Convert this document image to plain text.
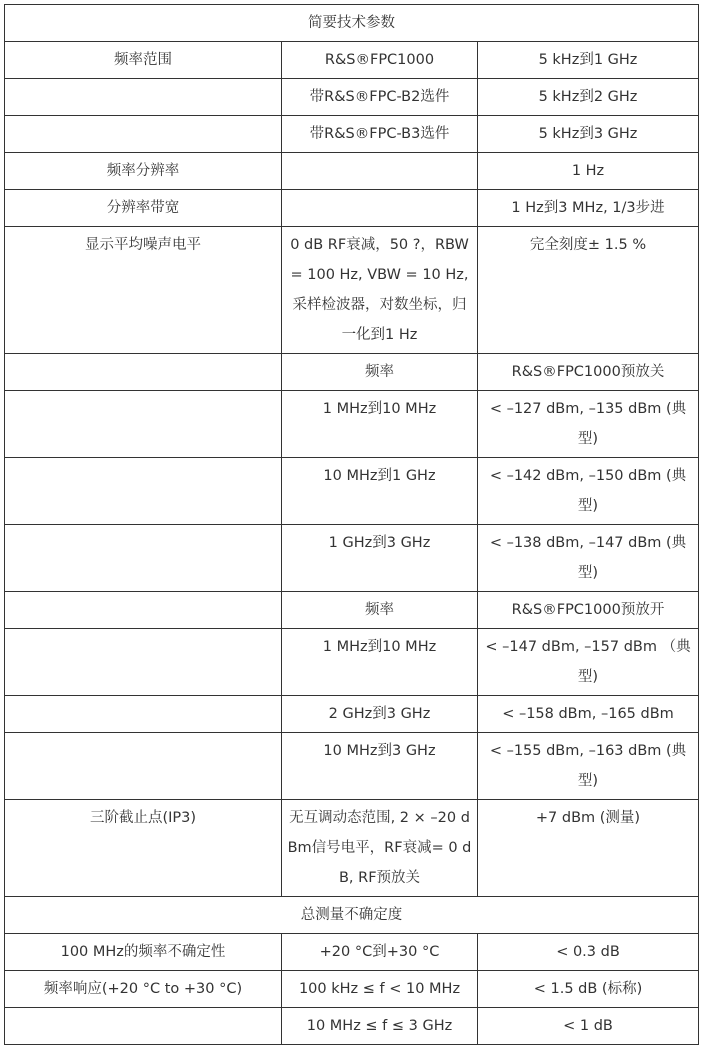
简要技术参数		
频率范围	R&S®FPC1000	5 kHz到1 GHz
	带R&S®FPC-B2选件	5 kHz到2 GHz
	带R&S®FPC-B3选件	5 kHz到3 GHz
频率分辨率		1 Hz
分辨率带宽		1 Hz到3 MHz, 1/3步进
显示平均噪声电平	0 dB RF衰减，50 ?，RBW = 100 Hz, VBW = 10 Hz,采样检波器，对数坐标，归一化到1 Hz	完全刻度± 1.5 %
	频率	R&S®FPC1000预放关
	1 MHz到10 MHz	< –127 dBm, –135 dBm (典型)
	10 MHz到1 GHz	< –142 dBm, –150 dBm (典型)
	1 GHz到3 GHz	< –138 dBm, –147 dBm (典型)
	频率	R&S®FPC1000预放开
	1 MHz到10 MHz	< –147 dBm, –157 dBm （典型)
	2 GHz到3 GHz	< –158 dBm, –165 dBm
	10 MHz到3 GHz	< –155 dBm, –163 dBm (典型)
三阶截止点(IP3)	无互调动态范围, 2 × –20 dBm信号电平，RF衰减= 0 dB, RF预放关	+7 dBm (测量)
总测量不确定度		
100 MHz的频率不确定性	+20 °C到+30 °C	< 0.3 dB
频率响应(+20 °C to +30 °C)	100 kHz ≤ f < 10 MHz	< 1.5 dB (标称)
	10 MHz ≤ f ≤ 3 GHz	< 1 dB
